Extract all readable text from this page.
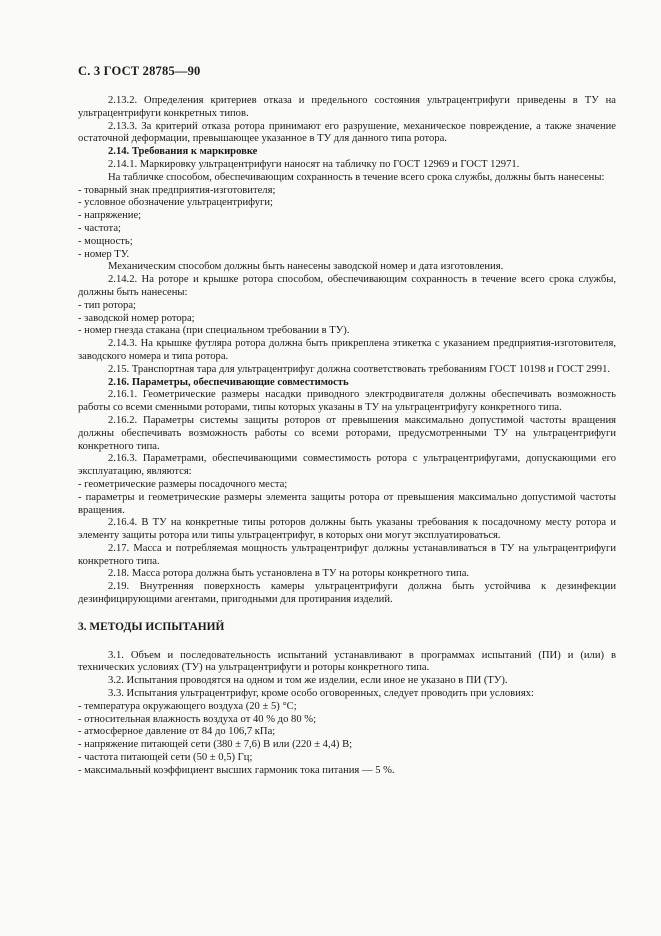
С. 3 ГОСТ 28785—90

2.13.2. Определения критериев отказа и предельного состояния ультрацентрифуги приведены в ТУ на ультрацентрифуги конкретных типов.

2.13.3. За критерий отказа ротора принимают его разрушение, механическое повреждение, а также значение остаточной деформации, превышающее указанное в ТУ для данного типа ротора.

2.14. Требования к маркировке

2.14.1. Маркировку ультрацентрифуги наносят на табличку по ГОСТ 12969 и ГОСТ 12971.

На табличке способом, обеспечивающим сохранность в течение всего срока службы, должны быть нанесены:

- товарный знак предприятия-изготовителя;

- условное обозначение ультрацентрифуги;

- напряжение;

- частота;

- мощность;

- номер ТУ.

Механическим способом должны быть нанесены заводской номер и дата изготовления.

2.14.2. На роторе и крышке ротора способом, обеспечивающим сохранность в течение всего срока службы, должны быть нанесены:

- тип ротора;

- заводской номер ротора;

- номер гнезда стакана (при специальном требовании в ТУ).

2.14.3. На крышке футляра ротора должна быть прикреплена этикетка с указанием предприятия-изготовителя, заводского номера и типа ротора.

2.15. Транспортная тара для ультрацентрифуг должна соответствовать требованиям ГОСТ 10198 и ГОСТ 2991.

2.16. Параметры, обеспечивающие совместимость

2.16.1. Геометрические размеры насадки приводного электродвигателя должны обеспечивать возможность работы со всеми сменными роторами, типы которых указаны в ТУ на ультрацентрифугу конкретного типа.

2.16.2. Параметры системы защиты роторов от превышения максимально допустимой частоты вращения должны обеспечивать возможность работы со всеми роторами, предусмотренными ТУ на ультрацентрифуги конкретного типа.

2.16.3. Параметрами, обеспечивающими совместимость ротора с ультрацентрифугами, допускающими его эксплуатацию, являются:

- геометрические размеры посадочного места;

- параметры и геометрические размеры элемента защиты ротора от превышения максимально допустимой частоты вращения.

2.16.4. В ТУ на конкретные типы роторов должны быть указаны требования к посадочному месту ротора и элементу защиты ротора или типы ультрацентрифуг, в которых они могут эксплуатироваться.

2.17. Масса и потребляемая мощность ультрацентрифуг должны устанавливаться в ТУ на ультрацентрифуги конкретного типа.

2.18. Масса ротора должна быть установлена в ТУ на роторы конкретного типа.

2.19. Внутренняя поверхность камеры ультрацентрифуги должна быть устойчива к дезинфекции дезинфицирующими агентами, пригодными для протирания изделий.

3. МЕТОДЫ ИСПЫТАНИЙ

3.1. Объем и последовательность испытаний устанавливают в программах испытаний (ПИ) и (или) в технических условиях (ТУ) на ультрацентрифуги и роторы конкретного типа.

3.2. Испытания проводятся на одном и том же изделии, если иное не указано в ПИ (ТУ).

3.3. Испытания ультрацентрифуг, кроме особо оговоренных, следует проводить при условиях:

- температура окружающего воздуха (20 ± 5) °С;

- относительная влажность воздуха от 40 % до 80 %;

- атмосферное давление от 84 до 106,7 кПа;

- напряжение питающей сети (380 ± 7,6) В или (220 ± 4,4) В;

- частота питающей сети (50 ± 0,5) Гц;

- максимальный коэффициент высших гармоник тока питания — 5 %.
